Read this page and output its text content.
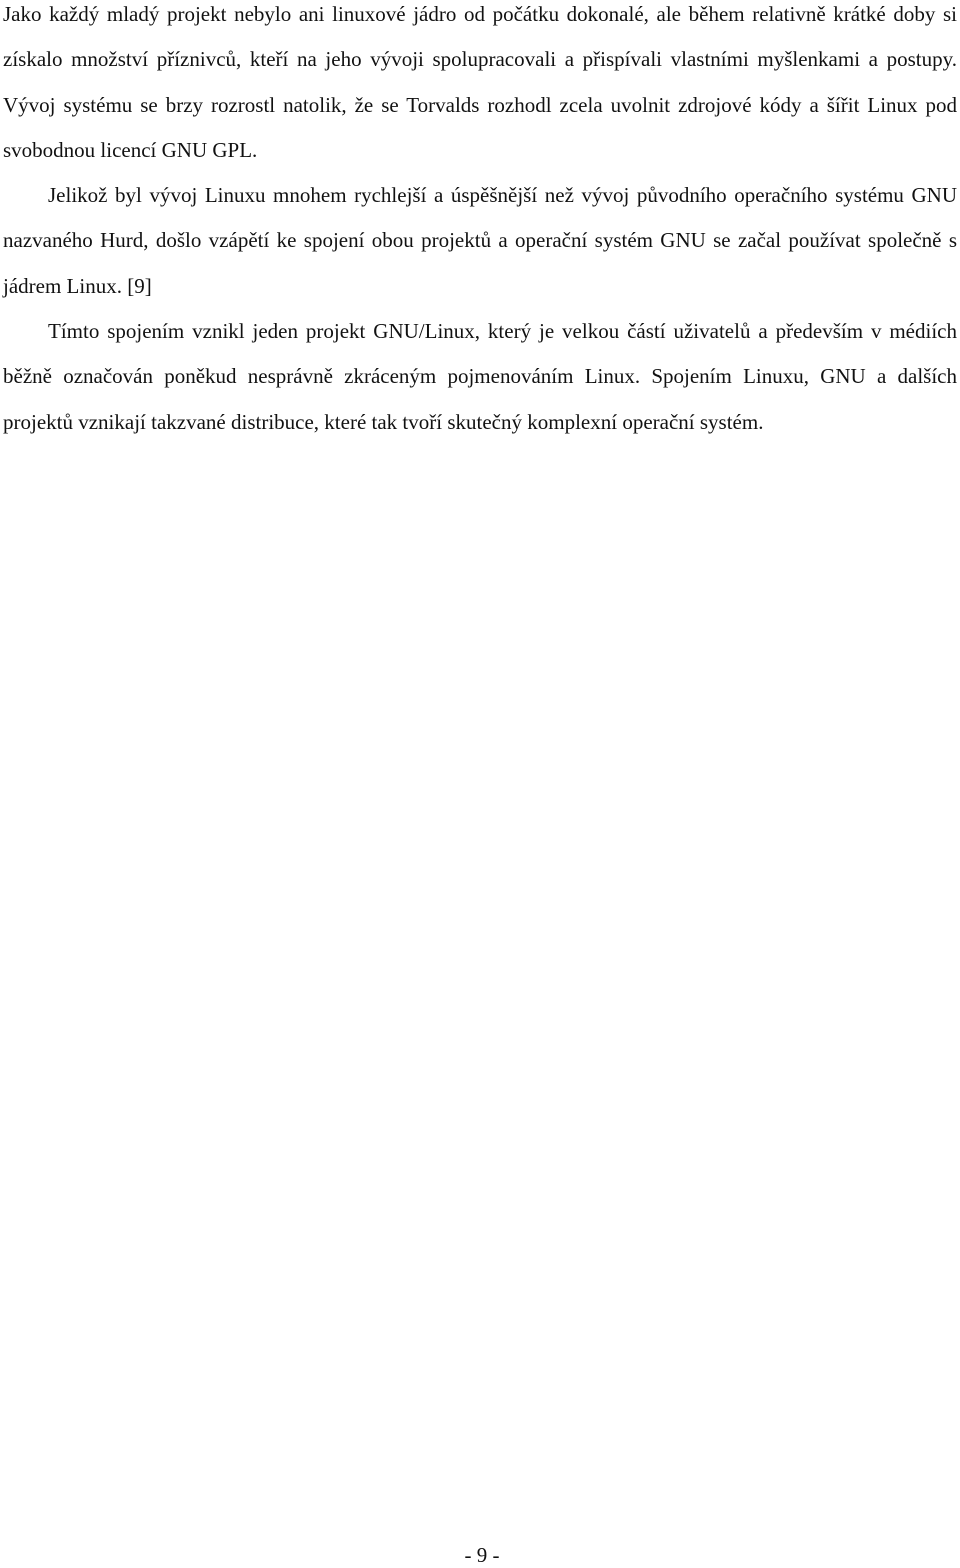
Jako každý mladý projekt nebylo ani linuxové jádro od počátku dokonalé, ale během relativně krátké doby si získalo množství příznivců, kteří na jeho vývoji spolupracovali a přispívali vlastními myšlenkami a postupy. Vývoj systému se brzy rozrostl natolik, že se Torvalds rozhodl zcela uvolnit zdrojové kódy a šířit Linux pod svobodnou licencí GNU GPL.

Jelikož byl vývoj Linuxu mnohem rychlejší a úspěšnější než vývoj původního operačního systému GNU nazvaného Hurd, došlo vzápětí ke spojení obou projektů a operační systém GNU se začal používat společně s jádrem Linux. [9]

Tímto spojením vznikl jeden projekt GNU/Linux, který je velkou částí uživatelů a především v médiích běžně označován poněkud nesprávně zkráceným pojmenováním Linux. Spojením Linuxu, GNU a dalších projektů vznikají takzvané distribuce, které tak tvoří skutečný komplexní operační systém.

- 9 -
